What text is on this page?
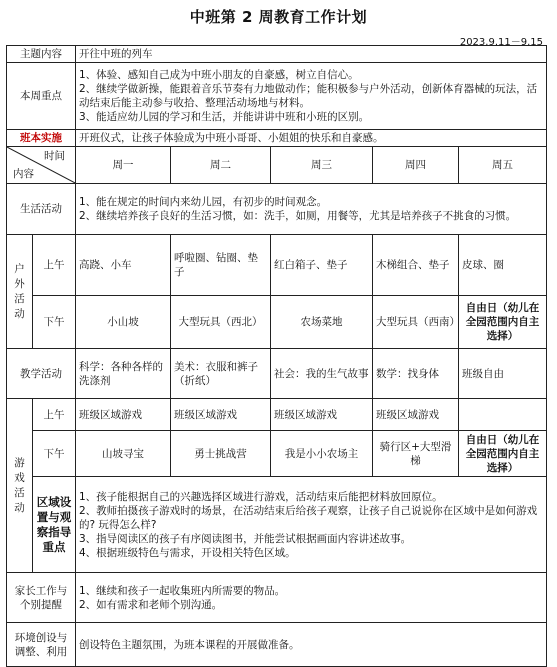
中班第 2 周教育工作计划
2023.9.11－9.15
主题内容		开往中班的列车				
本周重点		1、体验、感知自己成为中班小朋友的自豪感，树立自信心。
2、继续学做新操，能跟着音乐节奏有力地做动作；能积极参与户外活动，创新体育器械的玩法，活动结束后能主动参与收拾、整理活动场地与材料。
3、能适应幼儿园的学习和生活，并能讲讲中班和小班的区别。				

班本实施		开班仪式，让孩子体验成为中班小哥哥、小姐姐的快乐和自豪感。				

时间
内容		周一	周二	周三	周四	周五
生活活动		1、能在规定的时间内来幼儿园，有初步的时间观念。
2、继续培养孩子良好的生活习惯，如：洗手，如厕，用餐等，尤其是培养孩子不挑食的习惯。				

户外活动	上午	高跷、小车	呼啦圈、钻圈、垫子	红白箱子、垫子	木梯组合、垫子	皮球、圈
	下午	小山坡	大型玩具（西北）	农场菜地	大型玩具（西南）	自由日（幼儿在全园范围内自主选择）
教学活动		科学：各种各样的洗涤剂	美术：衣服和裤子（折纸）	社会：我的生气故事	数学：找身体	班级自由

游戏活动	上午	班级区域游戏	班级区域游戏	班级区域游戏	班级区域游戏	
	下午	山坡寻宝	勇士挑战营	我是小小农场主	骑行区+大型滑梯	自由日（幼儿在全园范围内自主选择）
	区域设置与观察指导重点	1、孩子能根据自己的兴趣选择区域进行游戏，活动结束后能把材料放回原位。
2、教师拍摄孩子游戏时的场景，在活动结束后给孩子观察，让孩子自己说说你在区域中是如何游戏的? 玩得怎么样?
3、指导阅读区的孩子有序阅读图书，并能尝试根据画面内容讲述故事。
4、根据班级特色与需求，开设相关特色区域。				

家长工作与个别提醒		1、继续和孩子一起收集班内所需要的物品。
2、如有需求和老师个别沟通。				

环境创设与调整、利用		创设特色主题氛围，为班本课程的开展做准备。				
